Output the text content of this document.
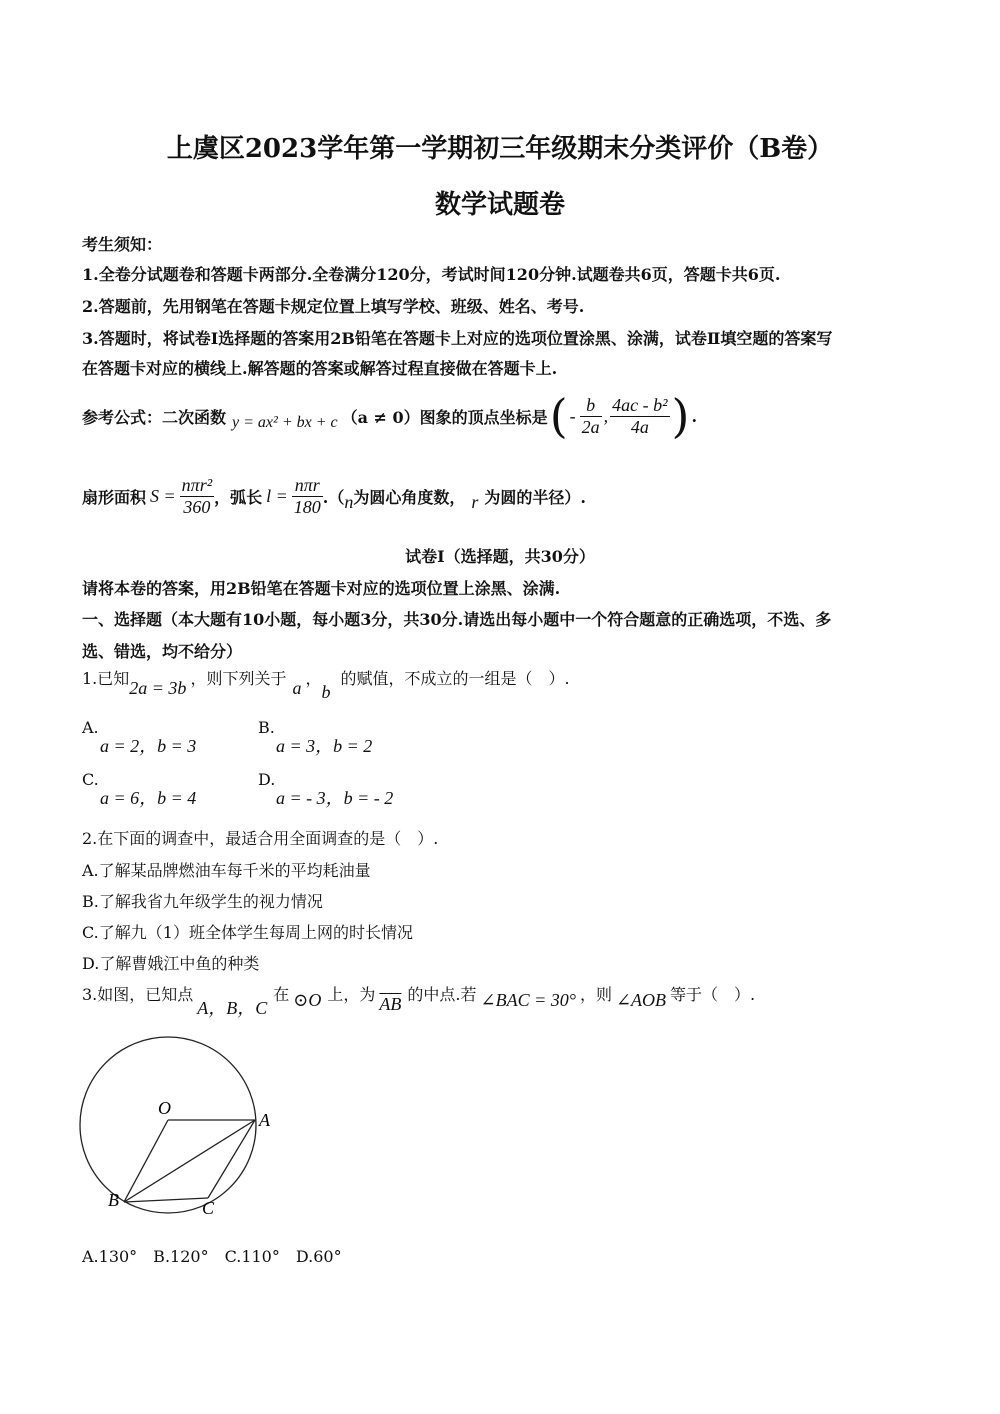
上虞区2023学年第一学期初三年级期末分类评价（B卷）
数学试题卷
考生须知：
1.全卷分试题卷和答题卡两部分.全卷满分120分，考试时间120分钟.试题卷共6页，答题卡共6页.
2.答题前，先用钢笔在答题卡规定位置上填写学校、班级、姓名、考号.
3.答题时，将试卷Ⅰ选择题的答案用2B铅笔在答题卡上对应的选项位置涂黑、涂满，试卷Ⅱ填空题的答案写
在答题卡对应的横线上.解答题的答案或解答过程直接做在答题卡上.
参考公式：二次函数 y = ax² + bx + c （a ≠ 0） 图象的顶点坐标是 ( - $\frac{b}{2a}$ , $\frac{\text{4ac - b²}}{4a}$ ) .
扇形面积 $S = \frac{\text{nπr²}}{360}$ ，弧长 $l = \frac{\text{nπr}}{180}$ .（ n 为圆心角度数， r 为圆的半径）.
试卷Ⅰ（选择题，共30分）
请将本卷的答案，用2B铅笔在答题卡对应的选项位置上涂黑、涂满.
一、选择题（本大题有10小题，每小题3分，共30分.请选出每小题中一个符合题意的正确选项，不选、多
选、错选，均不给分）
1.已知 2a = 3b ，则下列关于 a ，
b
的赋值，不成立的一组是（　）.
A.
a = 2，b = 3
B.
a = 3，b = 2
C.
a = 6，b = 4
D.
a = - 3，b = - 2
2.在下面的调查中，最适合用全面调查的是（　）.
A.了解某品牌燃油车每千米的平均耗油量
B.了解我省九年级学生的视力情况
C.了解九（1）班全体学生每周上网的时长情况
D.了解曹娥江中鱼的种类
3.如图，已知点
A，B，C
在 ⊙O 上，为 $\overline{AB}$ 的中点.若 ∠BAC = 30° ，则 ∠AOB 等于（　）.
O
A
B	C
A.130°　B.120°　C.110°　D.60°
